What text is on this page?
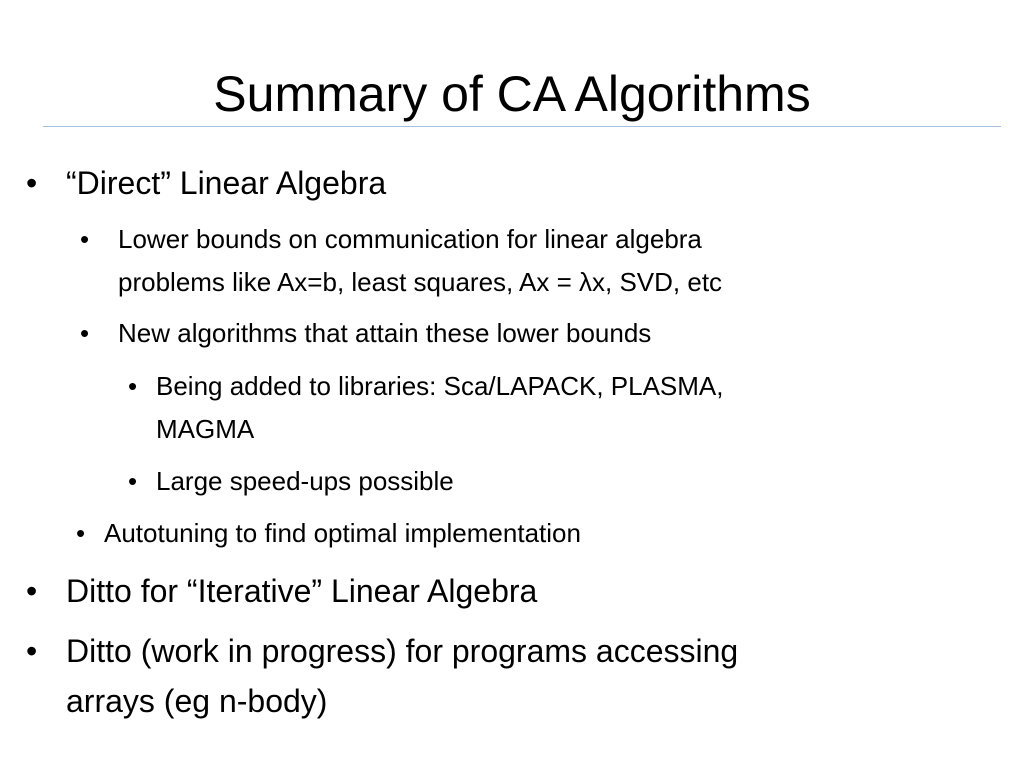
Summary of CA Algorithms
• “Direct” Linear Algebra
• Lower bounds on communication for linear algebra
problems like Ax=b, least squares, Ax = λx, SVD, etc
• New algorithms that attain these lower bounds
• Being added to libraries: Sca/LAPACK, PLASMA,
MAGMA
• Large speed-ups possible
• Autotuning to find optimal implementation
• Ditto for “Iterative” Linear Algebra
• Ditto (work in progress) for programs accessing
arrays (eg n-body)
